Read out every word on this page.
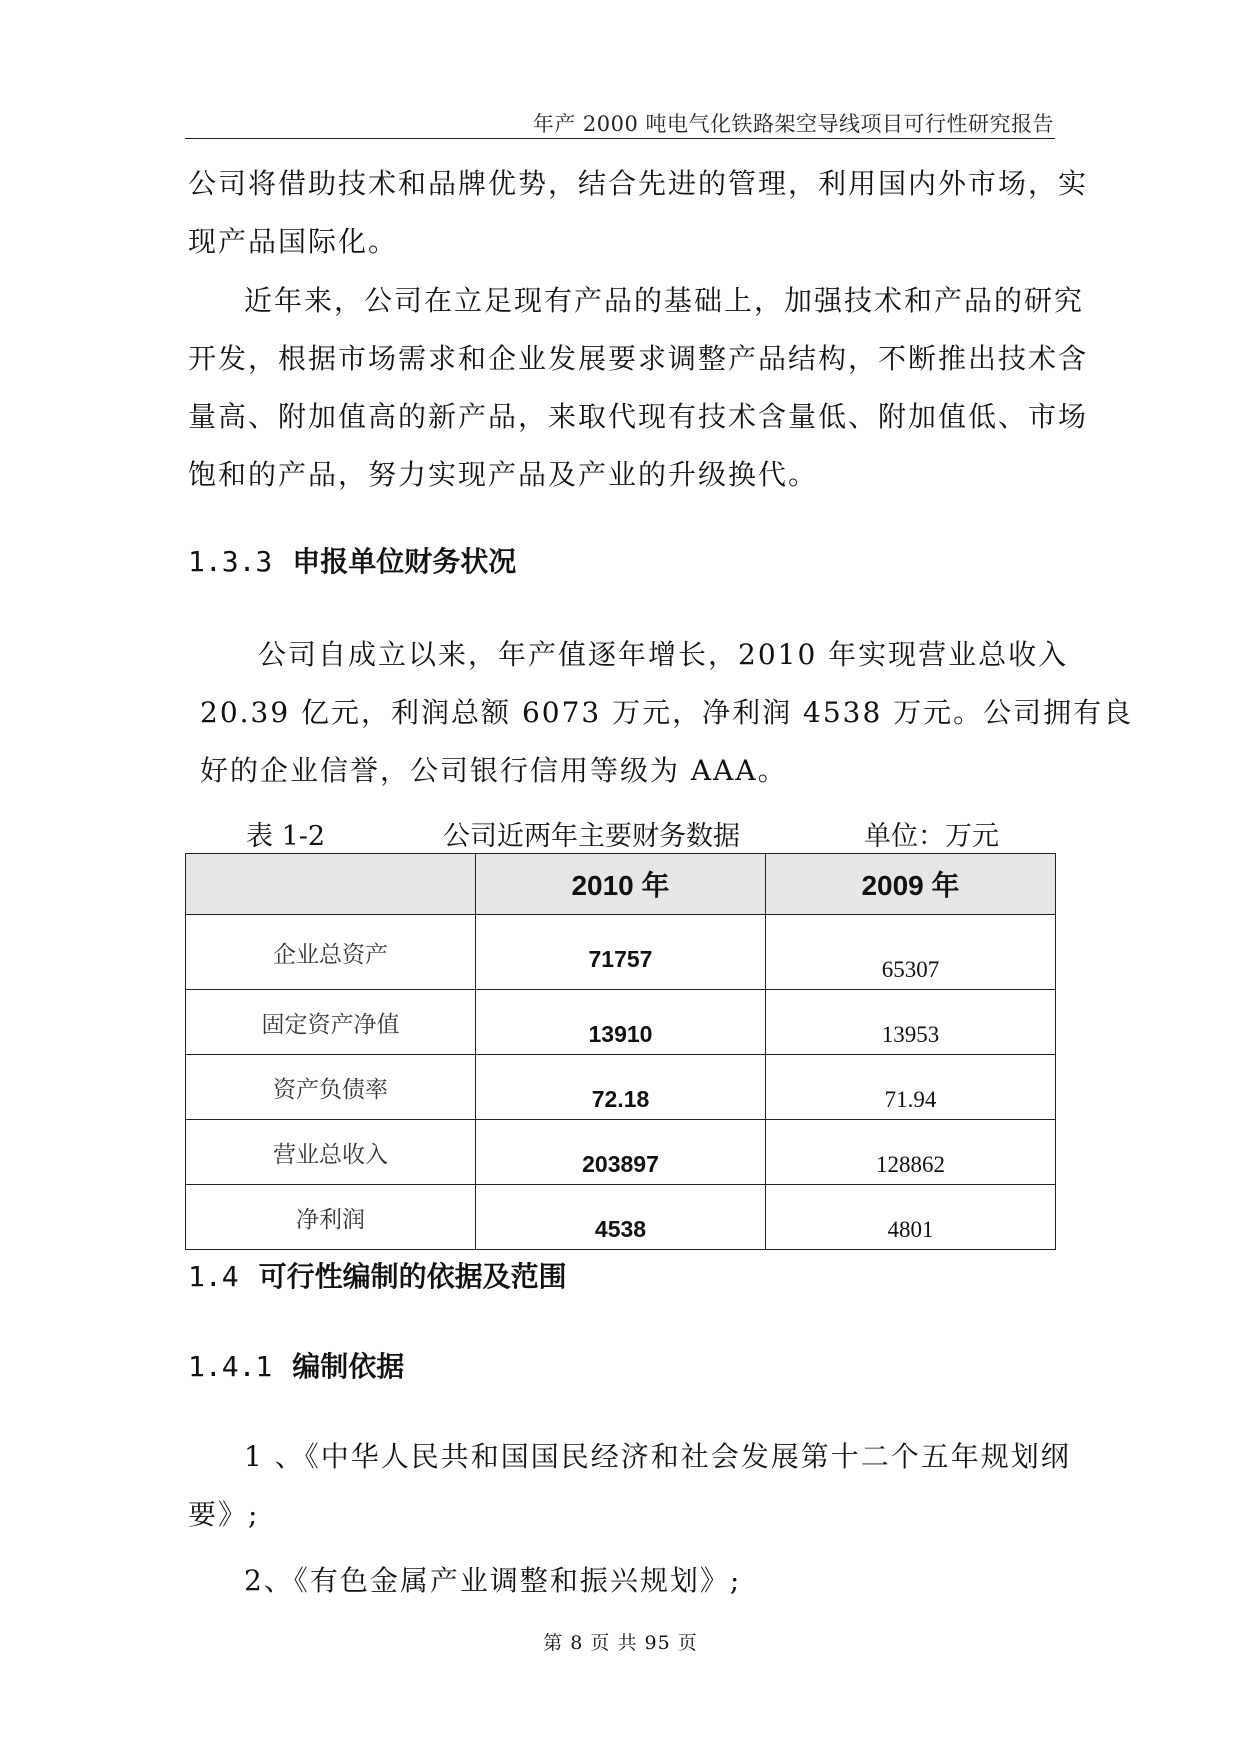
年产 2000 吨电气化铁路架空导线项目可行性研究报告
公司将借助技术和品牌优势，结合先进的管理，利用国内外市场，实
现产品国际化。
近年来，公司在立足现有产品的基础上，加强技术和产品的研究
开发，根据市场需求和企业发展要求调整产品结构，不断推出技术含
量高、附加值高的新产品，来取代现有技术含量低、附加值低、市场
饱和的产品，努力实现产品及产业的升级换代。
1.3.3 申报单位财务状况
公司自成立以来，年产值逐年增长，2010 年实现营业总收入
20.39 亿元，利润总额 6073 万元，净利润 4538 万元。公司拥有良
好的企业信誉，公司银行信用等级为 AAA。
表 1-2	公司近两年主要财务数据	单位：万元
	2010 年	2009 年
企业总资产	71757	65307
固定资产净值	13910	13953
资产负债率	72.18	71.94
营业总收入	203897	128862
净利润	4538	4801
1.4 可行性编制的依据及范围
1.4.1 编制依据
1 、《中华人民共和国国民经济和社会发展第十二个五年规划纲
要》;
2、《有色金属产业调整和振兴规划》;
第 8 页 共 95 页
